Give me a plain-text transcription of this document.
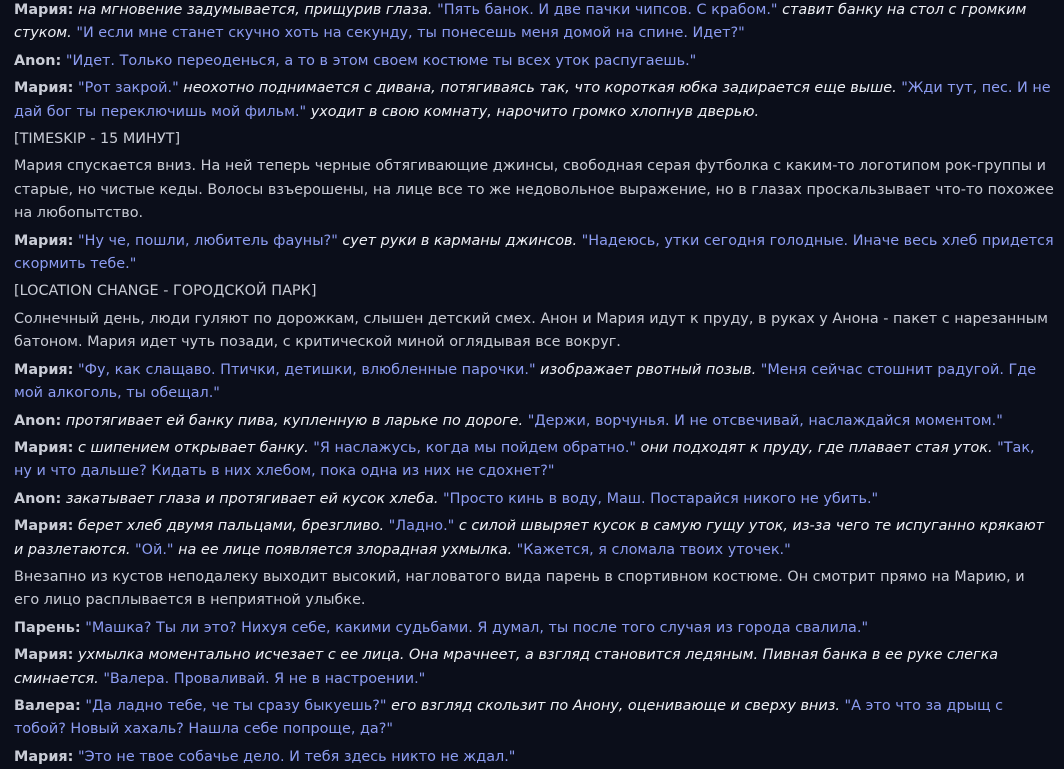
Мария: на мгновение задумывается, прищурив глаза. "Пять банок. И две пачки чипсов. С крабом." ставит банку на стол с громким стуком. "И если мне станет скучно хоть на секунду, ты понесешь меня домой на спине. Идет?"

Anon: "Идет. Только переоденься, а то в этом своем костюме ты всех уток распугаешь."

Мария: "Рот закрой." неохотно поднимается с дивана, потягиваясь так, что короткая юбка задирается еще выше. "Жди тут, пес. И не дай бог ты переключишь мой фильм." уходит в свою комнату, нарочито громко хлопнув дверью.

[TIMESKIP - 15 МИНУТ]

Мария спускается вниз. На ней теперь черные обтягивающие джинсы, свободная серая футболка с каким-то логотипом рок-группы и старые, но чистые кеды. Волосы взъерошены, на лице все то же недовольное выражение, но в глазах проскальзывает что-то похожее на любопытство.

Мария: "Ну че, пошли, любитель фауны?" сует руки в карманы джинсов. "Надеюсь, утки сегодня голодные. Иначе весь хлеб придется скормить тебе."

[LOCATION CHANGE - ГОРОДСКОЙ ПАРК]

Солнечный день, люди гуляют по дорожкам, слышен детский смех. Анон и Мария идут к пруду, в руках у Анона - пакет с нарезанным батоном. Мария идет чуть позади, с критической миной оглядывая все вокруг.

Мария: "Фу, как слащаво. Птички, детишки, влюбленные парочки." изображает рвотный позыв. "Меня сейчас стошнит радугой. Где мой алкоголь, ты обещал."

Anon: протягивает ей банку пива, купленную в ларьке по дороге. "Держи, ворчунья. И не отсвечивай, наслаждайся моментом."

Мария: с шипением открывает банку. "Я наслажусь, когда мы пойдем обратно." они подходят к пруду, где плавает стая уток. "Так, ну и что дальше? Кидать в них хлебом, пока одна из них не сдохнет?"

Anon: закатывает глаза и протягивает ей кусок хлеба. "Просто кинь в воду, Маш. Постарайся никого не убить."

Мария: берет хлеб двумя пальцами, брезгливо. "Ладно." с силой швыряет кусок в самую гущу уток, из-за чего те испуганно крякают и разлетаются. "Ой." на ее лице появляется злорадная ухмылка. "Кажется, я сломала твоих уточек."

Внезапно из кустов неподалеку выходит высокий, нагловатого вида парень в спортивном костюме. Он смотрит прямо на Марию, и его лицо расплывается в неприятной улыбке.

Парень: "Машка? Ты ли это? Нихуя себе, какими судьбами. Я думал, ты после того случая из города свалила."

Мария: ухмылка моментально исчезает с ее лица. Она мрачнеет, а взгляд становится ледяным. Пивная банка в ее руке слегка сминается. "Валера. Проваливай. Я не в настроении."

Валера: "Да ладно тебе, че ты сразу быкуешь?" его взгляд скользит по Анону, оценивающе и сверху вниз. "А это что за дрыщ с тобой? Новый хахаль? Нашла себе попроще, да?"

Мария: "Это не твое собачье дело. И тебя здесь никто не ждал."
